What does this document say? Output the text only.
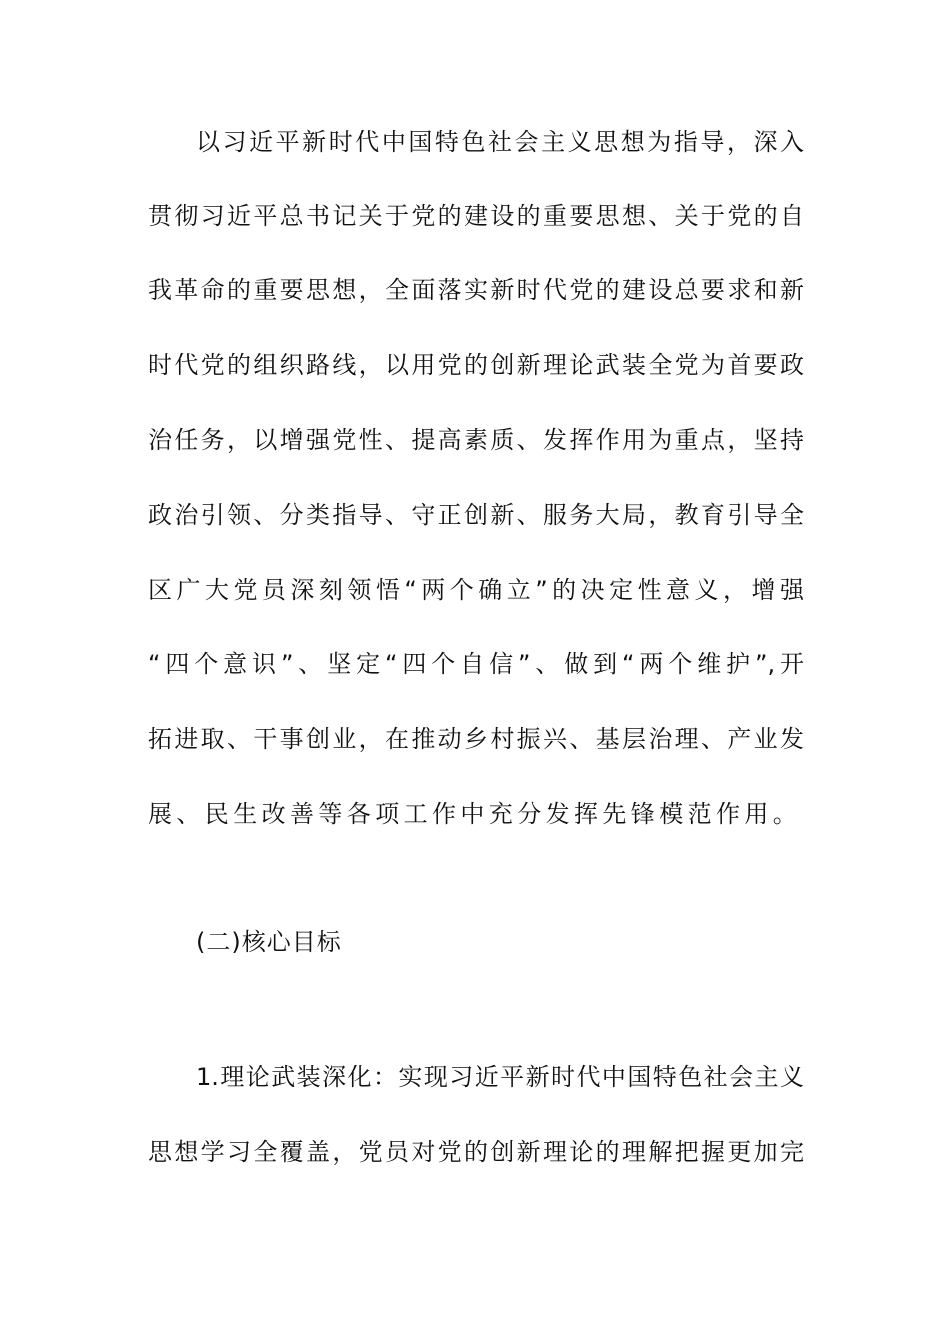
以习近平新时代中国特色社会主义思想为指导，深入
贯彻习近平总书记关于党的建设的重要思想、关于党的自
我革命的重要思想，全面落实新时代党的建设总要求和新
时代党的组织路线，以用党的创新理论武装全党为首要政
治任务，以增强党性、提高素质、发挥作用为重点，坚持
政治引领、分类指导、守正创新、服务大局，教育引导全
区广大党员深刻领悟“两个确立”的决定性意义，增强
“四个意识”、坚定“四个自信”、做到“两个维护”,开
拓进取、干事创业，在推动乡村振兴、基层治理、产业发
展、民生改善等各项工作中充分发挥先锋模范作用。
(二)核心目标
1.理论武装深化：实现习近平新时代中国特色社会主义
思想学习全覆盖，党员对党的创新理论的理解把握更加完
